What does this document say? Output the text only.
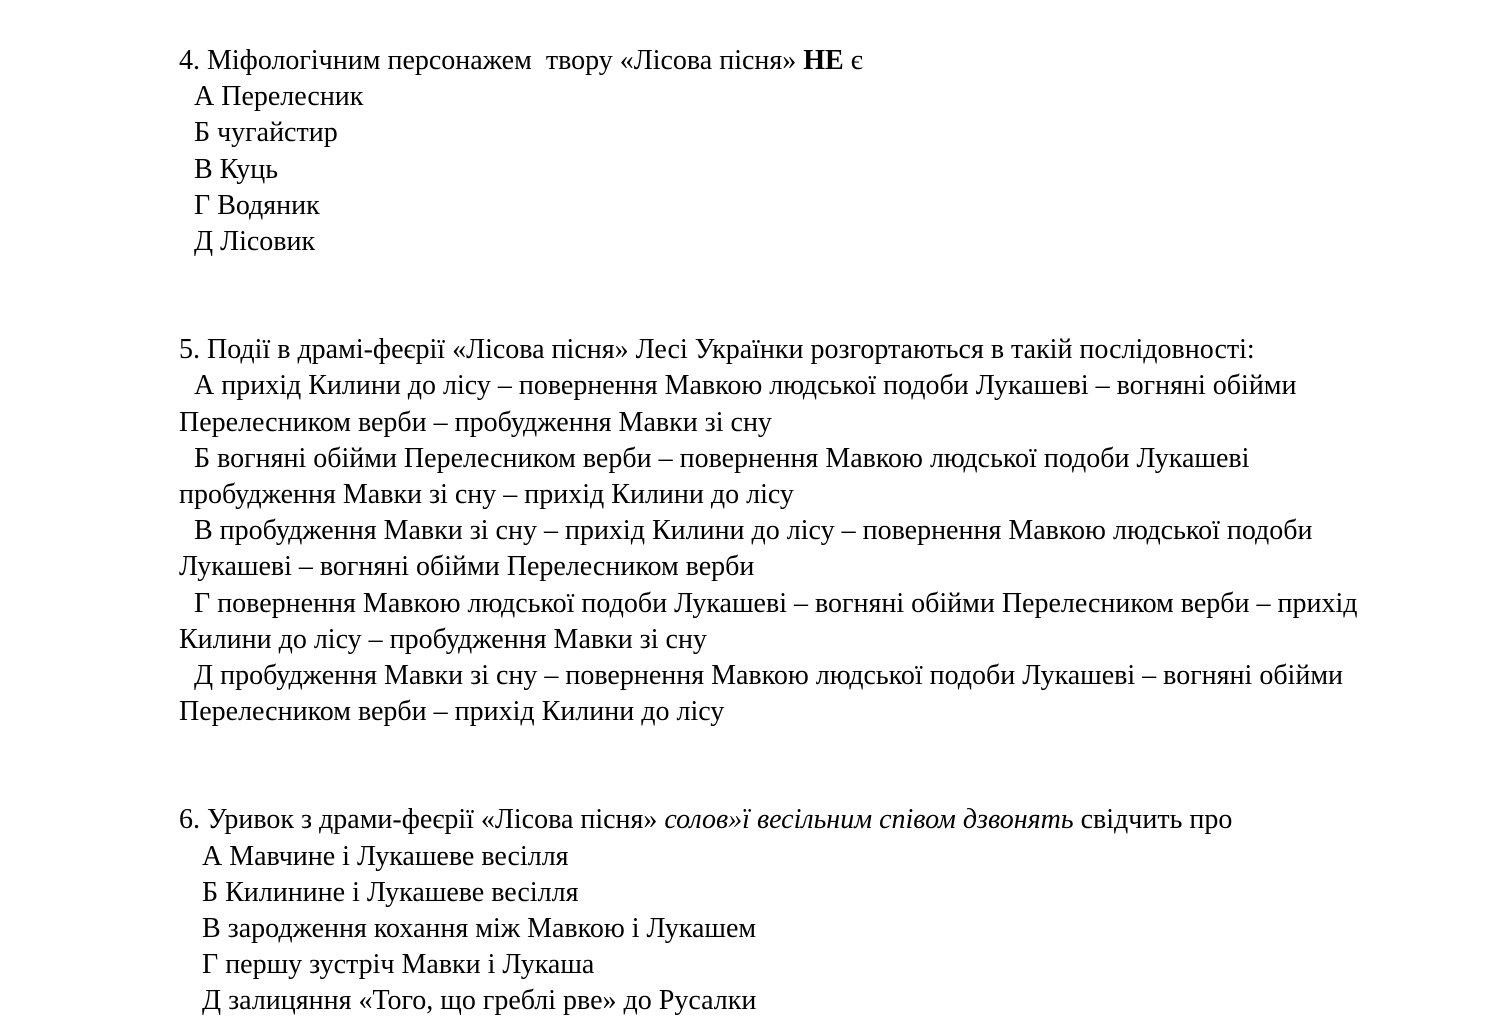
4. Міфологічним персонажем  твору «Лісова пісня» НЕ є

А Перелесник

Б чугайстир

В Куць

Г Водяник

Д Лісовик

5. Події в драмі-феєрії «Лісова пісня» Лесі Українки розгортаються в такій послідовності:

А прихід Килини до лісу – повернення Мавкою людської подоби Лукашеві – вогняні обійми Перелесником верби – пробудження Мавки зі сну

Б вогняні обійми Перелесником верби – повернення Мавкою людської подоби Лукашеві пробудження Мавки зі сну – прихід Килини до лісу

В пробудження Мавки зі сну – прихід Килини до лісу – повернення Мавкою людської подоби Лукашеві – вогняні обійми Перелесником верби

Г повернення Мавкою людської подоби Лукашеві – вогняні обійми Перелесником верби – прихід Килини до лісу – пробудження Мавки зі сну

Д пробудження Мавки зі сну – повернення Мавкою людської подоби Лукашеві – вогняні обійми Перелесником верби – прихід Килини до лісу

6. Уривок з драми-феєрії «Лісова пісня» солов»ї весільним співом дзвонять свідчить про

А Мавчине і Лукашеве весілля

Б Килинине і Лукашеве весілля

В зародження кохання між Мавкою і Лукашем

Г першу зустріч Мавки і Лукаша

Д залицяння «Того, що греблі рве» до Русалки
